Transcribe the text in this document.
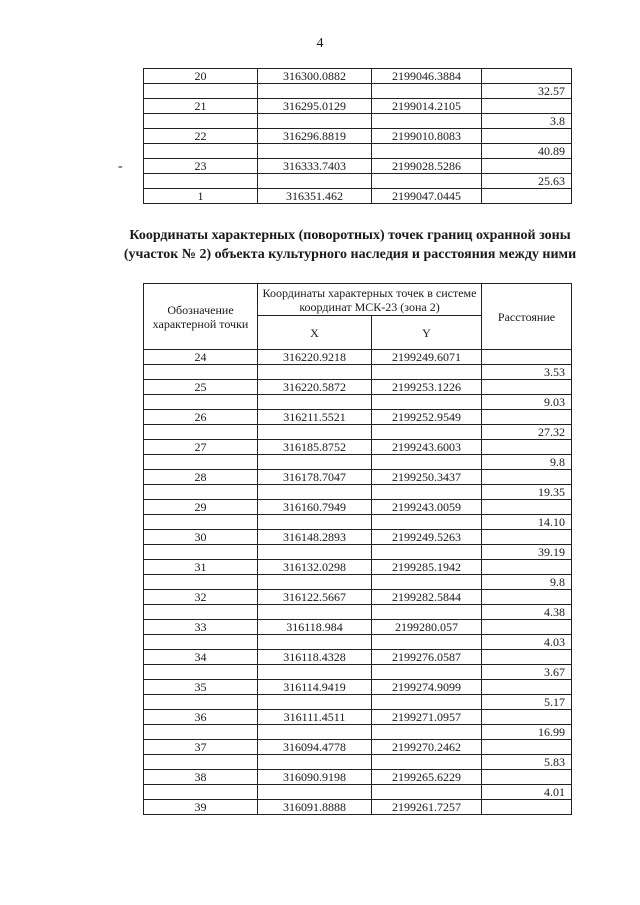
4
-
20	316300.0882	2199046.3884	
			32.57
21	316295.0129	2199014.2105	
			3.8
22	316296.8819	2199010.8083	
			40.89
23	316333.7403	2199028.5286	
			25.63
1	316351.462	2199047.0445	
Координаты характерных (поворотных) точек границ охранной зоны
(участок № 2) объекта культурного наследия и расстояния между ними
Обозначение характерной точки	Координаты характерных точек в системе координат МСК-23 (зона 2)		Расстояние
	X	Y	
24	316220.9218	2199249.6071	
			3.53
25	316220.5872	2199253.1226	
			9.03
26	316211.5521	2199252.9549	
			27.32
27	316185.8752	2199243.6003	
			9.8
28	316178.7047	2199250.3437	
			19.35
29	316160.7949	2199243.0059	
			14.10
30	316148.2893	2199249.5263	
			39.19
31	316132.0298	2199285.1942	
			9.8
32	316122.5667	2199282.5844	
			4.38
33	316118.984	2199280.057	
			4.03
34	316118.4328	2199276.0587	
			3.67
35	316114.9419	2199274.9099	
			5.17
36	316111.4511	2199271.0957	
			16.99
37	316094.4778	2199270.2462	
			5.83
38	316090.9198	2199265.6229	
			4.01
39	316091.8888	2199261.7257	
